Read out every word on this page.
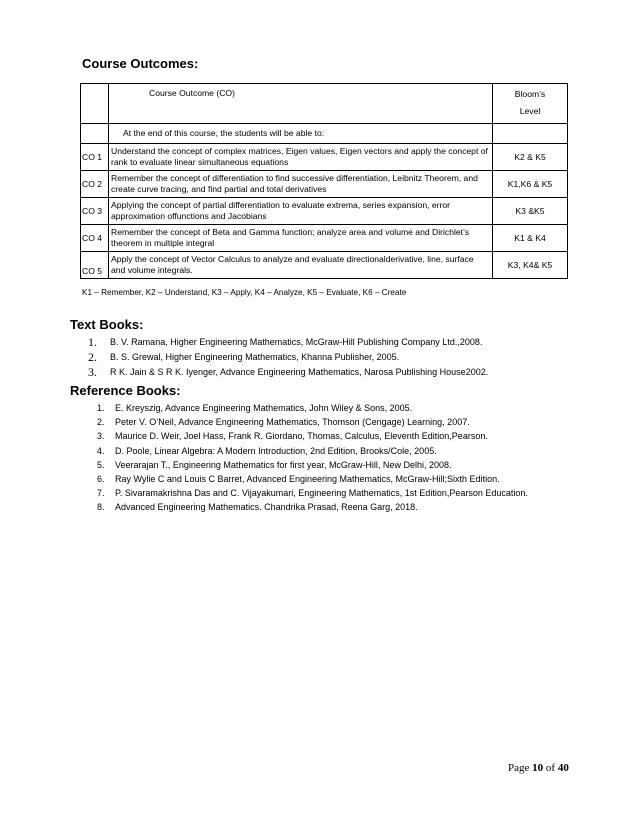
Course Outcomes:
	Course Outcome (CO)	Bloom’s
Level

	At the end of this course, the students will be able to:	
CO 1	Understand the concept of complex matrices, Eigen values, Eigen vectors and apply the concept of rank to evaluate linear simultaneous equations	K2 & K5
CO 2	Remember the concept of differentiation to find successive differentiation, Leibnitz Theorem, and create curve tracing, and find partial and total derivatives	K1,K6 & K5
CO 3	Applying the concept of partial differentiation to evaluate extrema, series expansion, error approximation offunctions and Jacobians	K3 &K5
CO 4	Remember the concept of Beta and Gamma function; analyze area and volume and Dirichlet’s theorem in multiple integral	K1 & K4
CO 5	Apply the concept of Vector Calculus to analyze and evaluate directionalderivative, line, surface and volume integrals.	K3, K4& K5
K1 – Remember, K2 – Understand, K3 – Apply, K4 – Analyze, K5 – Evaluate, K6 – Create
Text Books:
1. B. V. Ramana, Higher Engineering Mathematics, McGraw-Hill Publishing Company Ltd.,2008.
2. B. S. Grewal, Higher Engineering Mathematics, Khanna Publisher, 2005.
3. R K. Jain & S R K. Iyenger, Advance Engineering Mathematics, Narosa Publishing House2002.
Reference Books:
1. E. Kreyszig, Advance Engineering Mathematics, John Wiley & Sons, 2005.
2. Peter V. O’Neil, Advance Engineering Mathematics, Thomson (Cengage) Learning, 2007.
3. Maurice D. Weir, Joel Hass, Frank R. Giordano, Thomas, Calculus, Eleventh Edition,Pearson.
4. D. Poole, Linear Algebra: A Modern Introduction, 2nd Edition, Brooks/Cole, 2005.
5. Veerarajan T., Engineering Mathematics for first year, McGraw-Hill, New Delhi, 2008.
6. Ray Wylie C and Louis C Barret, Advanced Engineering Mathematics, McGraw-Hill;Sixth Edition.
7. P. Sivaramakrishna Das and C. Vijayakumari, Engineering Mathematics, 1st Edition,Pearson Education.
8. Advanced Engineering Mathematics. Chandrika Prasad, Reena Garg, 2018.
Page 10 of 40
